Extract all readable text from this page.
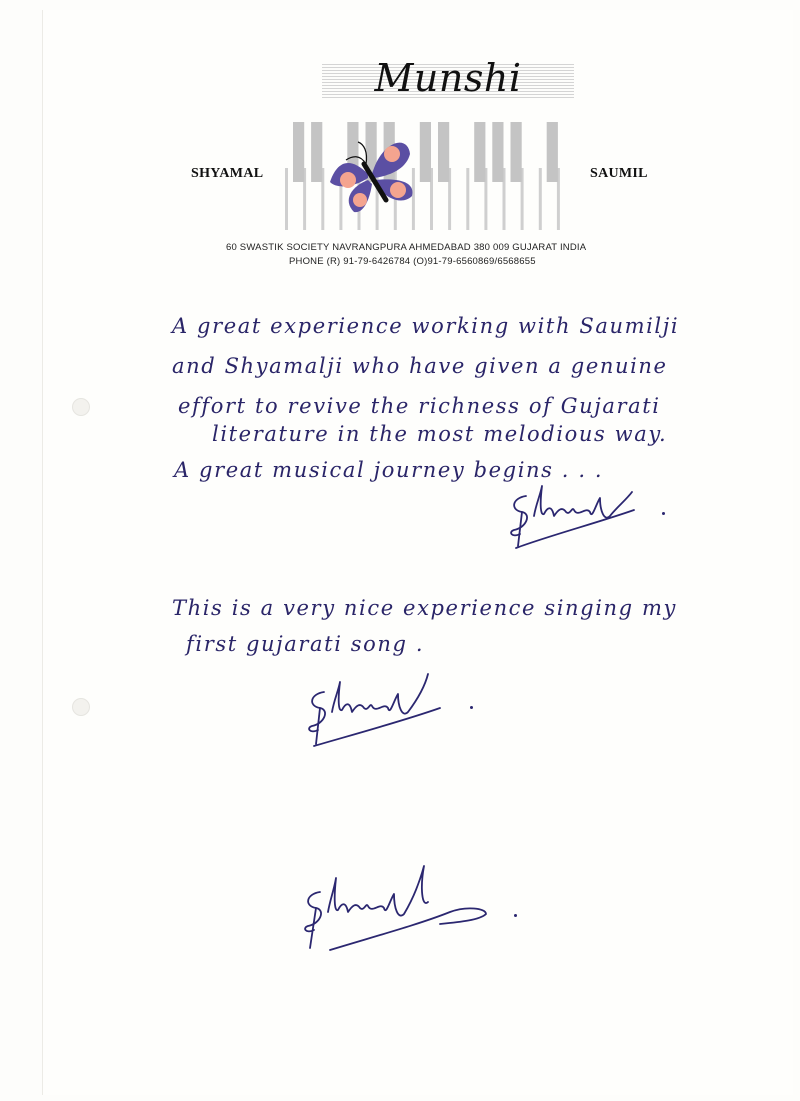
Munshi
SHYAMAL	SAUMIL
60 SWASTIK SOCIETY NAVRANGPURA AHMEDABAD 380 009 GUJARAT INDIA
PHONE (R) 91-79-6426784 (O)91-79-6560869/6568655
A great experience working with Saumilji
and Shyamalji who have given a genuine
effort to revive the richness of Gujarati
literature in the most melodious way.
A great musical journey begins . . .
This is a very nice experience singing my
first gujarati song .
